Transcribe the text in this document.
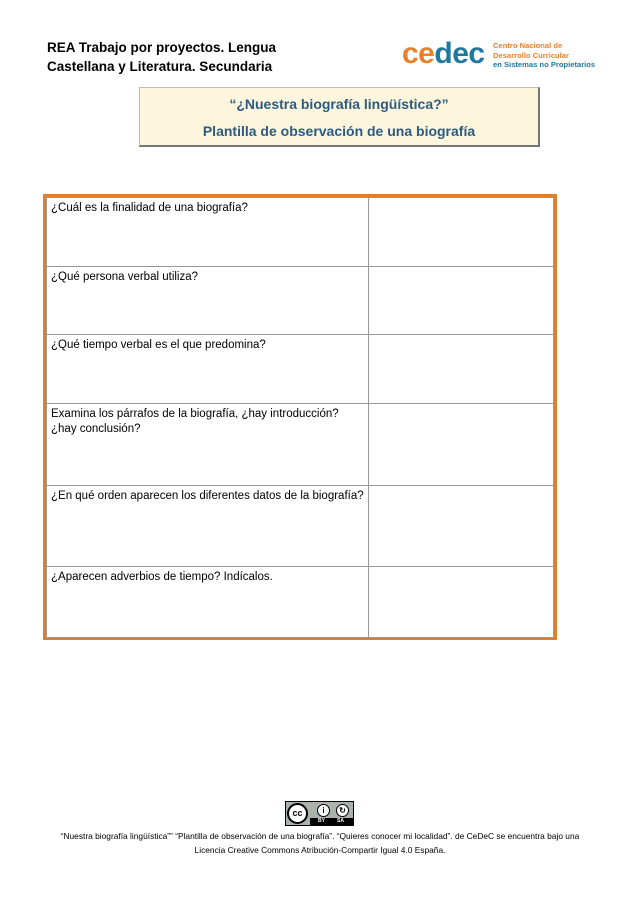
REA Trabajo por proyectos. Lengua
Castellana y Literatura. Secundaria	cedec Centro Nacional de
Desarrollo Curricular
en Sistemas no Propietarios
“¿Nuestra biografía lingüística?”
Plantilla de observación de una biografía
¿Cuál es la finalidad de una biografía?	
¿Qué persona verbal utiliza?	
¿Qué tiempo verbal es el que predomina?	
Examina los párrafos de la biografía, ¿hay introducción? ¿hay conclusión?	
¿En qué orden aparecen los diferentes datos de la biografía?	
¿Aparecen adverbios de tiempo? Indícalos.	
cc	i	↻
BY SA
“Nuestra biografía lingüística”” “Plantilla de observación de una biografía”. “Quieres conocer mi localidad”. de CeDeC se encuentra bajo una
Licencia Creative Commons Atribución-Compartir Igual 4.0 España.
